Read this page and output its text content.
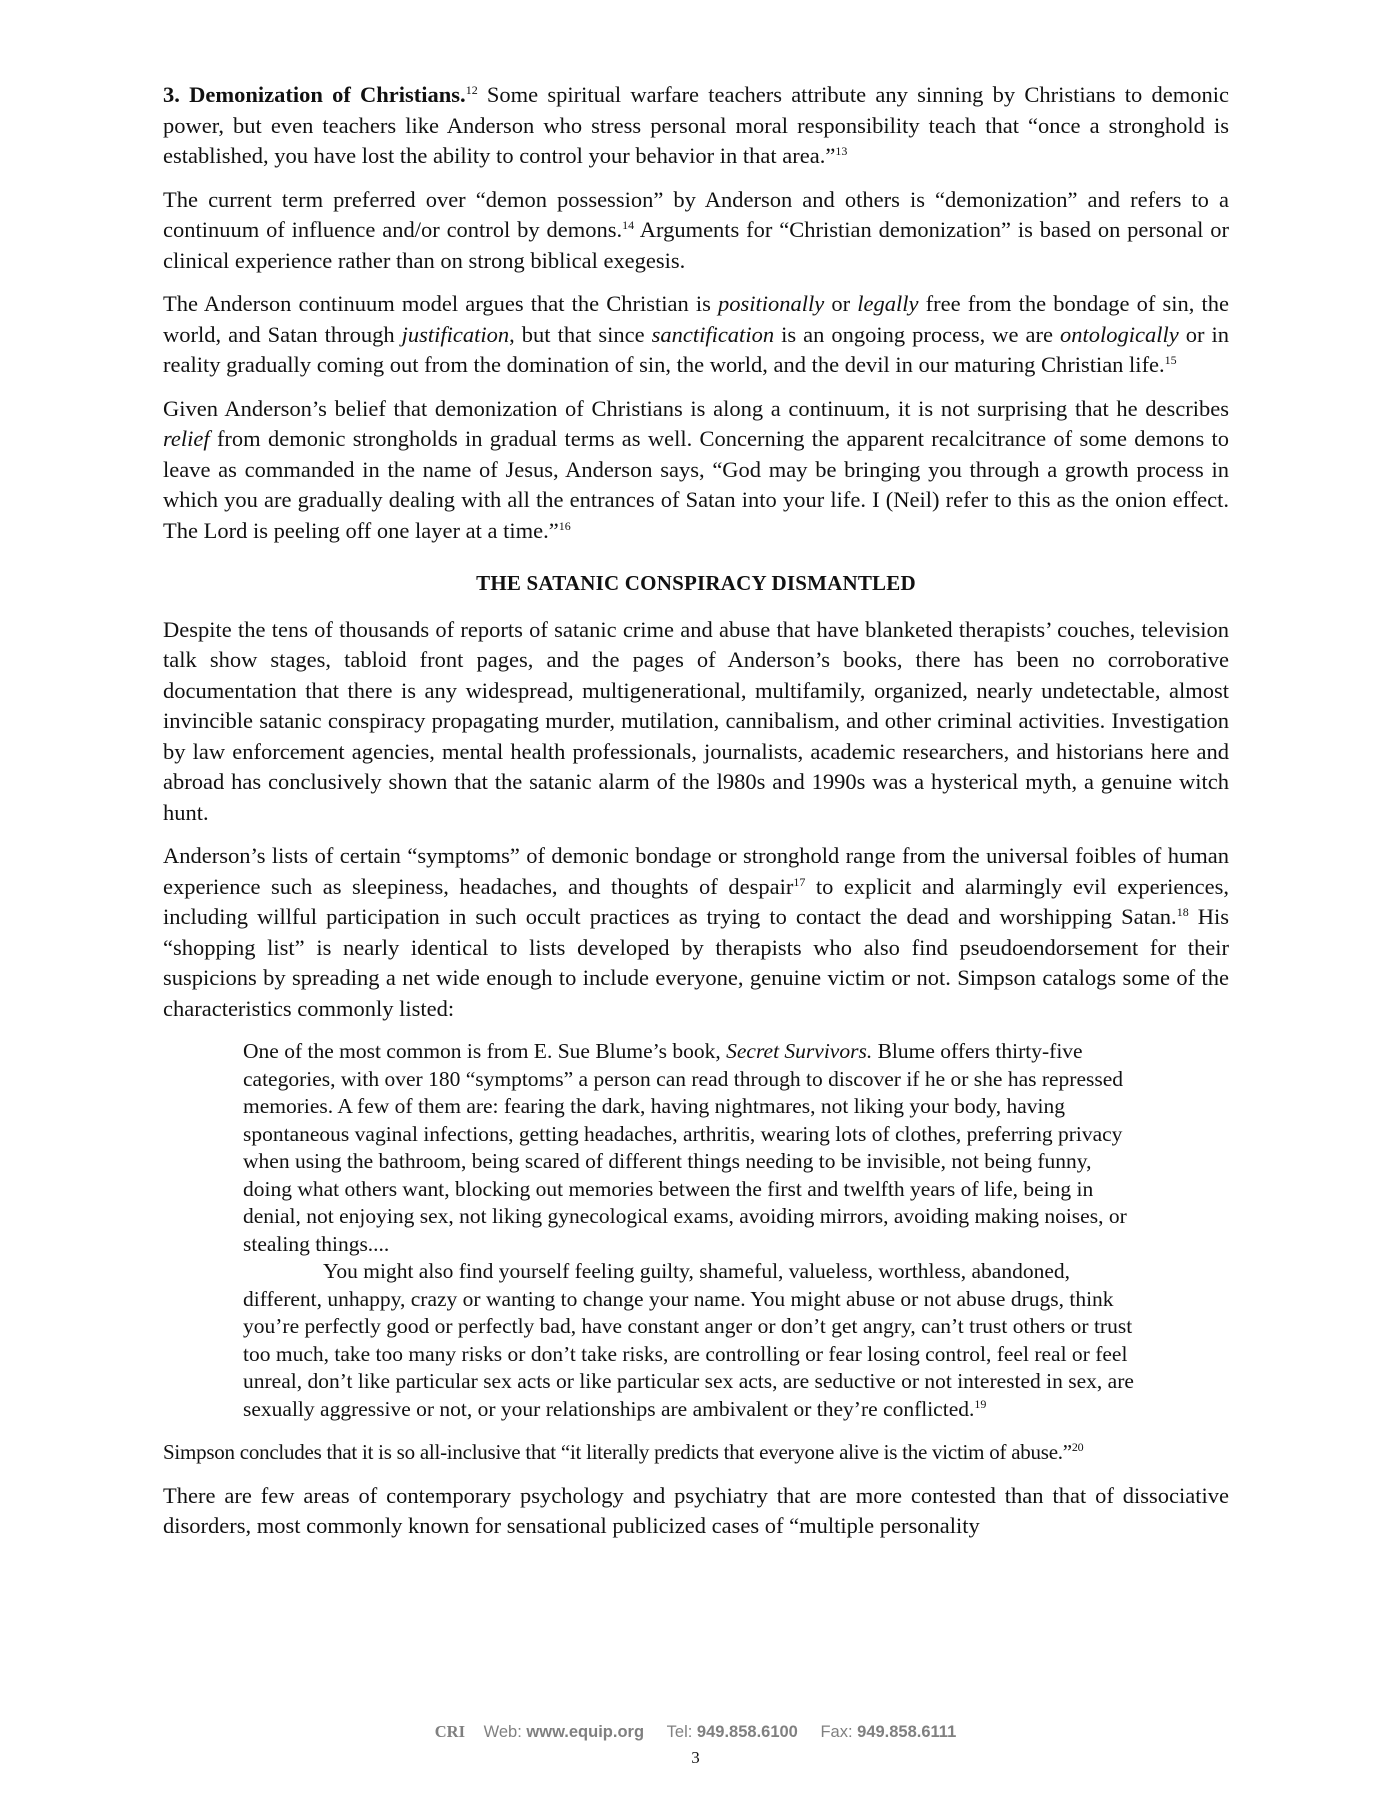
3. Demonization of Christians.$^{12}$ Some spiritual warfare teachers attribute any sinning by Christians to demonic power, but even teachers like Anderson who stress personal moral responsibility teach that “once a stronghold is established, you have lost the ability to control your behavior in that area.”$^{13}$

The current term preferred over “demon possession” by Anderson and others is “demonization” and refers to a continuum of influence and/or control by demons.$^{14}$ Arguments for “Christian demonization” is based on personal or clinical experience rather than on strong biblical exegesis.

The Anderson continuum model argues that the Christian is positionally or legally free from the bondage of sin, the world, and Satan through justification, but that since sanctification is an ongoing process, we are ontologically or in reality gradually coming out from the domination of sin, the world, and the devil in our maturing Christian life.$^{15}$

Given Anderson’s belief that demonization of Christians is along a continuum, it is not surprising that he describes relief from demonic strongholds in gradual terms as well. Concerning the apparent recalcitrance of some demons to leave as commanded in the name of Jesus, Anderson says, “God may be bringing you through a growth process in which you are gradually dealing with all the entrances of Satan into your life. I (Neil) refer to this as the onion effect. The Lord is peeling off one layer at a time.”$^{16}$

THE SATANIC CONSPIRACY DISMANTLED

Despite the tens of thousands of reports of satanic crime and abuse that have blanketed therapists’ couches, television talk show stages, tabloid front pages, and the pages of Anderson’s books, there has been no corroborative documentation that there is any widespread, multigenerational, multifamily, organized, nearly undetectable, almost invincible satanic conspiracy propagating murder, mutilation, cannibalism, and other criminal activities. Investigation by law enforcement agencies, mental health professionals, journalists, academic researchers, and historians here and abroad has conclusively shown that the satanic alarm of the l980s and 1990s was a hysterical myth, a genuine witch hunt.

Anderson’s lists of certain “symptoms” of demonic bondage or stronghold range from the universal foibles of human experience such as sleepiness, headaches, and thoughts of despair$^{17}$ to explicit and alarmingly evil experiences, including willful participation in such occult practices as trying to contact the dead and worshipping Satan.$^{18}$ His “shopping list” is nearly identical to lists developed by therapists who also find pseudoendorsement for their suspicions by spreading a net wide enough to include everyone, genuine victim or not. Simpson catalogs some of the characteristics commonly listed:

One of the most common is from E. Sue Blume’s book, Secret Survivors. Blume offers thirty-five categories, with over 180 “symptoms” a person can read through to discover if he or she has repressed memories. A few of them are: fearing the dark, having nightmares, not liking your body, having spontaneous vaginal infections, getting headaches, arthritis, wearing lots of clothes, preferring privacy when using the bathroom, being scared of different things needing to be invisible, not being funny, doing what others want, blocking out memories between the first and twelfth years of life, being in denial, not enjoying sex, not liking gynecological exams, avoiding mirrors, avoiding making noises, or stealing things....
You might also find yourself feeling guilty, shameful, valueless, worthless, abandoned, different, unhappy, crazy or wanting to change your name. You might abuse or not abuse drugs, think you’re perfectly good or perfectly bad, have constant anger or don’t get angry, can’t trust others or trust too much, take too many risks or don’t take risks, are controlling or fear losing control, feel real or feel unreal, don’t like particular sex acts or like particular sex acts, are seductive or not interested in sex, are sexually aggressive or not, or your relationships are ambivalent or they’re conflicted.$^{19}$

Simpson concludes that it is so all-inclusive that “it literally predicts that everyone alive is the victim of abuse.”$^{20}$

There are few areas of contemporary psychology and psychiatry that are more contested than that of dissociative disorders, most commonly known for sensational publicized cases of “multiple personality

CRI Web: www.equip.org Tel: 949.858.6100 Fax: 949.858.6111
3
